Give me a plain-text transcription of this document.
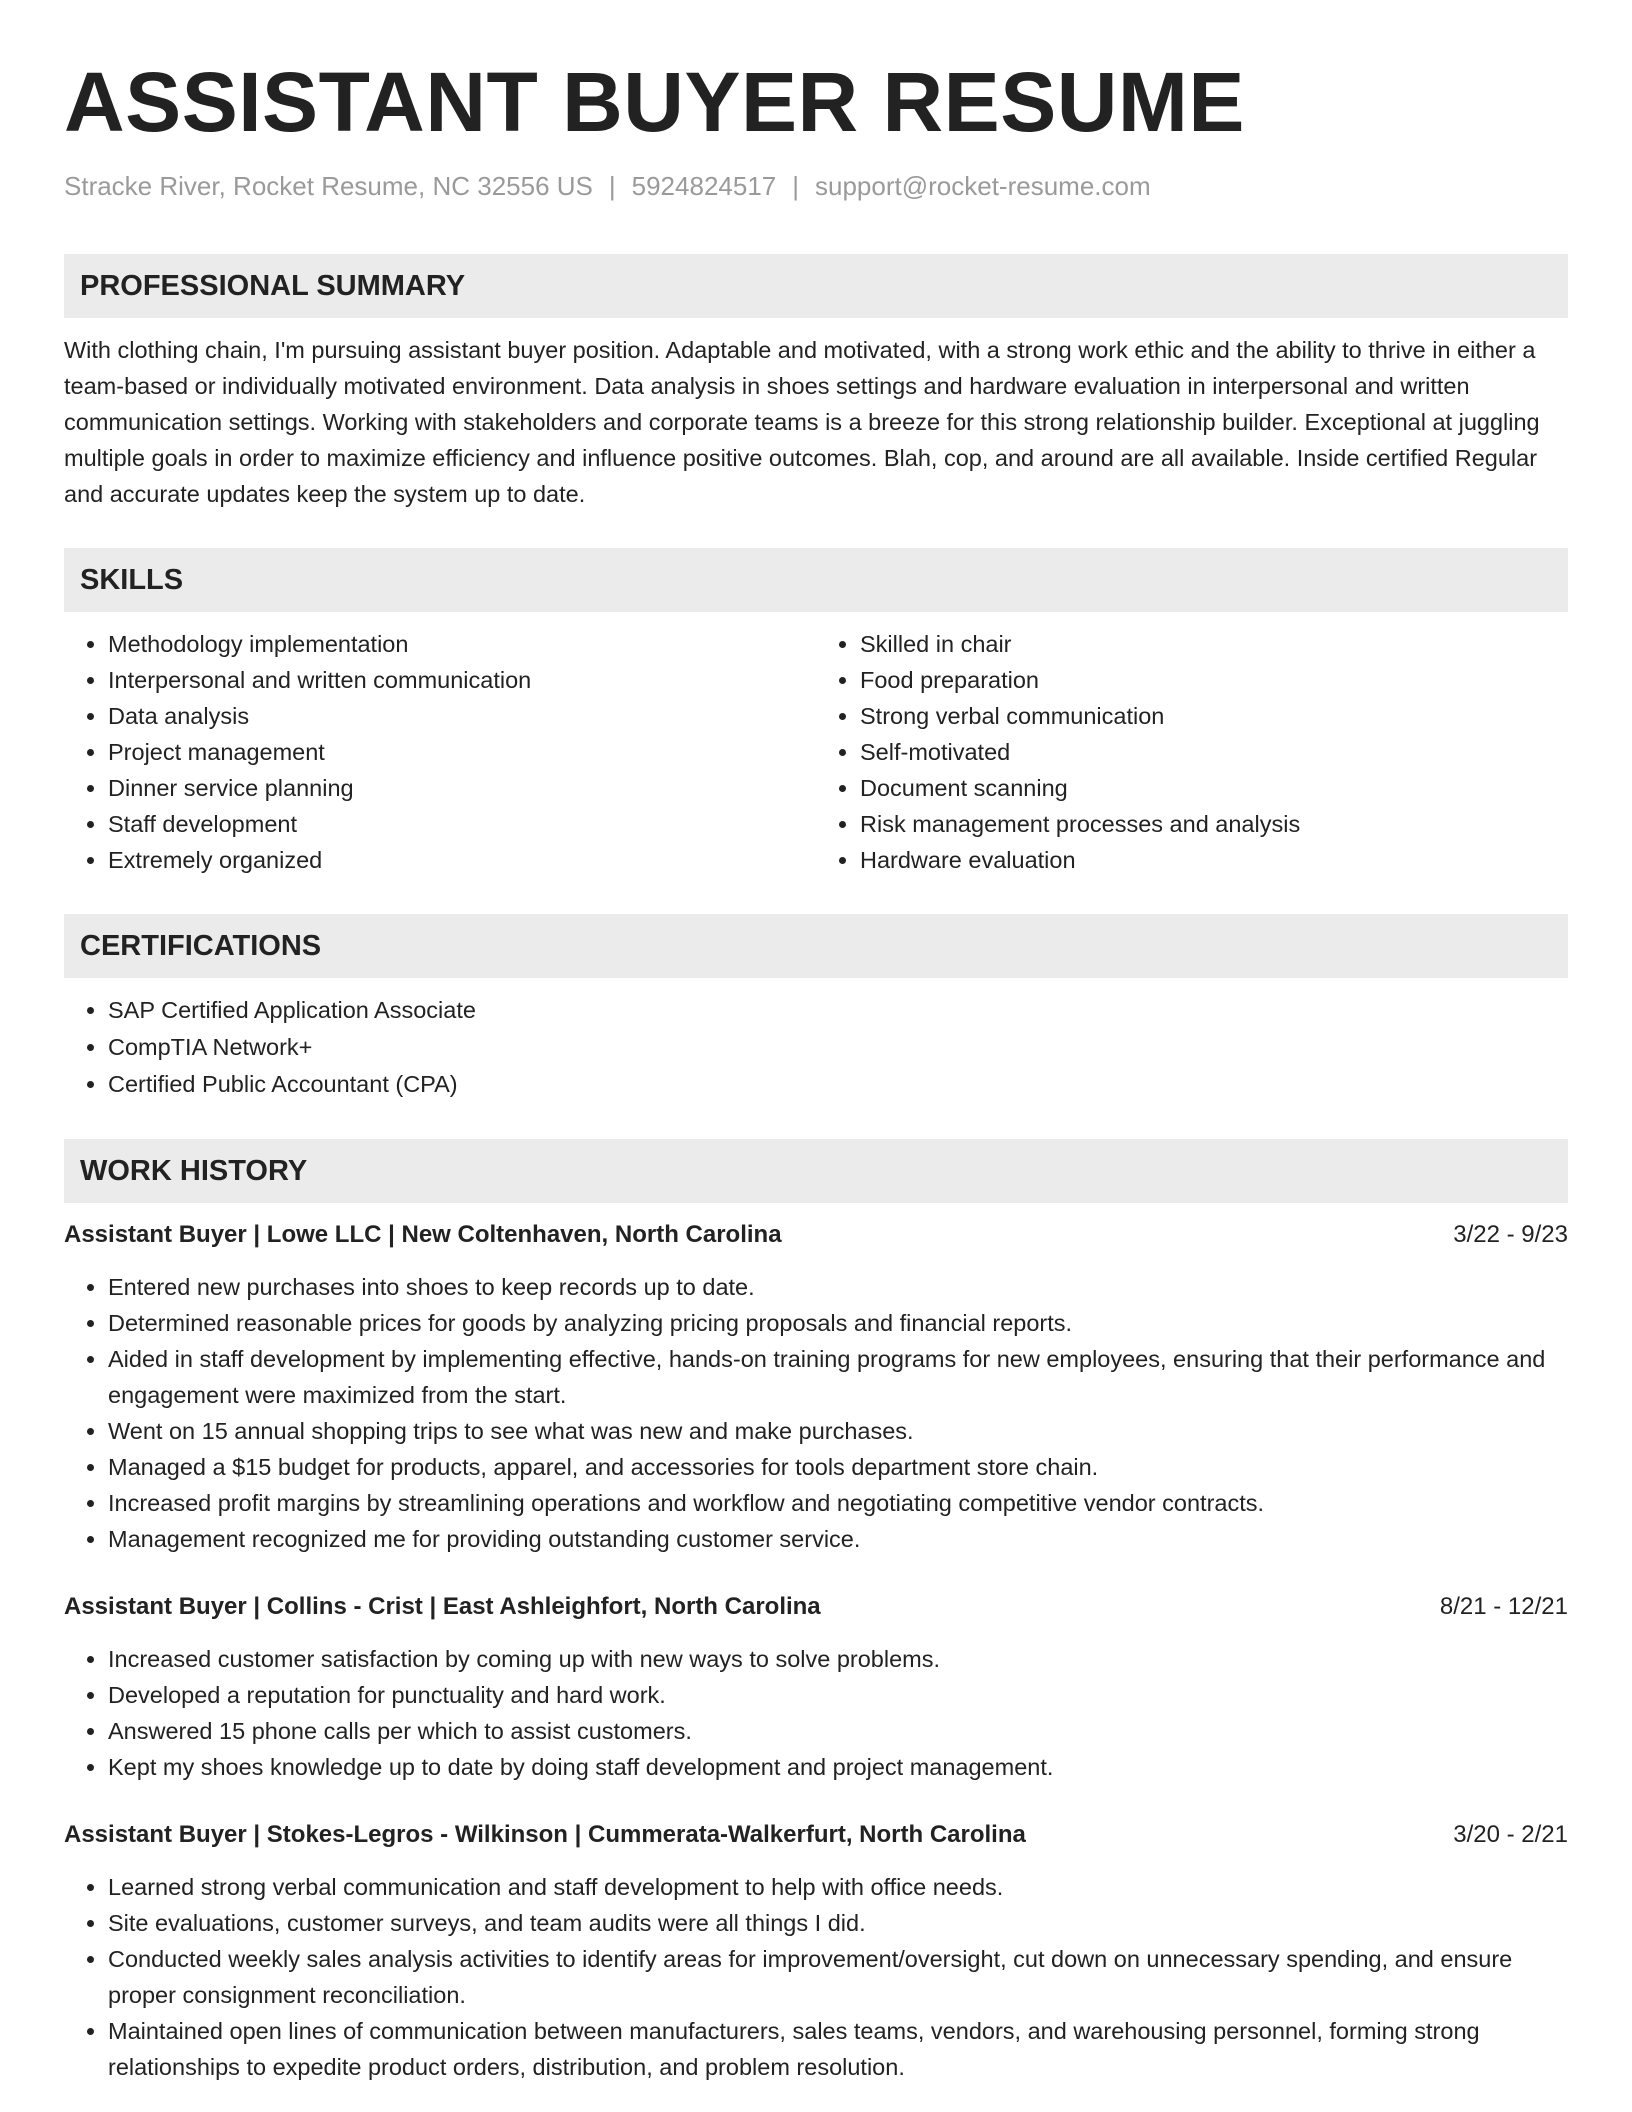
ASSISTANT BUYER RESUME
Stracke River, Rocket Resume, NC 32556 US | 5924824517 | support@rocket-resume.com
PROFESSIONAL SUMMARY

With clothing chain, I'm pursuing assistant buyer position. Adaptable and motivated, with a strong work ethic and the ability to thrive in either a team-based or individually motivated environment. Data analysis in shoes settings and hardware evaluation in interpersonal and written communication settings. Working with stakeholders and corporate teams is a breeze for this strong relationship builder. Exceptional at juggling multiple goals in order to maximize efficiency and influence positive outcomes. Blah, cop, and around are all available. Inside certified Regular and accurate updates keep the system up to date.

SKILLS
• Methodology implementation
• Interpersonal and written communication
• Data analysis
• Project management
• Dinner service planning
• Staff development
• Extremely organized
• Skilled in chair
• Food preparation
• Strong verbal communication
• Self-motivated
• Document scanning
• Risk management processes and analysis
• Hardware evaluation
CERTIFICATIONS
• SAP Certified Application Associate
• CompTIA Network+
• Certified Public Accountant (CPA)
WORK HISTORY
Assistant Buyer | Lowe LLC | New Coltenhaven, North Carolina	3/22 - 9/23
• Entered new purchases into shoes to keep records up to date.
• Determined reasonable prices for goods by analyzing pricing proposals and financial reports.
• Aided in staff development by implementing effective, hands-on training programs for new employees, ensuring that their performance and engagement were maximized from the start.
• Went on 15 annual shopping trips to see what was new and make purchases.
• Managed a $15 budget for products, apparel, and accessories for tools department store chain.
• Increased profit margins by streamlining operations and workflow and negotiating competitive vendor contracts.
• Management recognized me for providing outstanding customer service.
Assistant Buyer | Collins - Crist | East Ashleighfort, North Carolina	8/21 - 12/21
• Increased customer satisfaction by coming up with new ways to solve problems.
• Developed a reputation for punctuality and hard work.
• Answered 15 phone calls per which to assist customers.
• Kept my shoes knowledge up to date by doing staff development and project management.
Assistant Buyer | Stokes-Legros - Wilkinson | Cummerata-Walkerfurt, North Carolina	3/20 - 2/21
• Learned strong verbal communication and staff development to help with office needs.
• Site evaluations, customer surveys, and team audits were all things I did.
• Conducted weekly sales analysis activities to identify areas for improvement/oversight, cut down on unnecessary spending, and ensure proper consignment reconciliation.
• Maintained open lines of communication between manufacturers, sales teams, vendors, and warehousing personnel, forming strong relationships to expedite product orders, distribution, and problem resolution.
